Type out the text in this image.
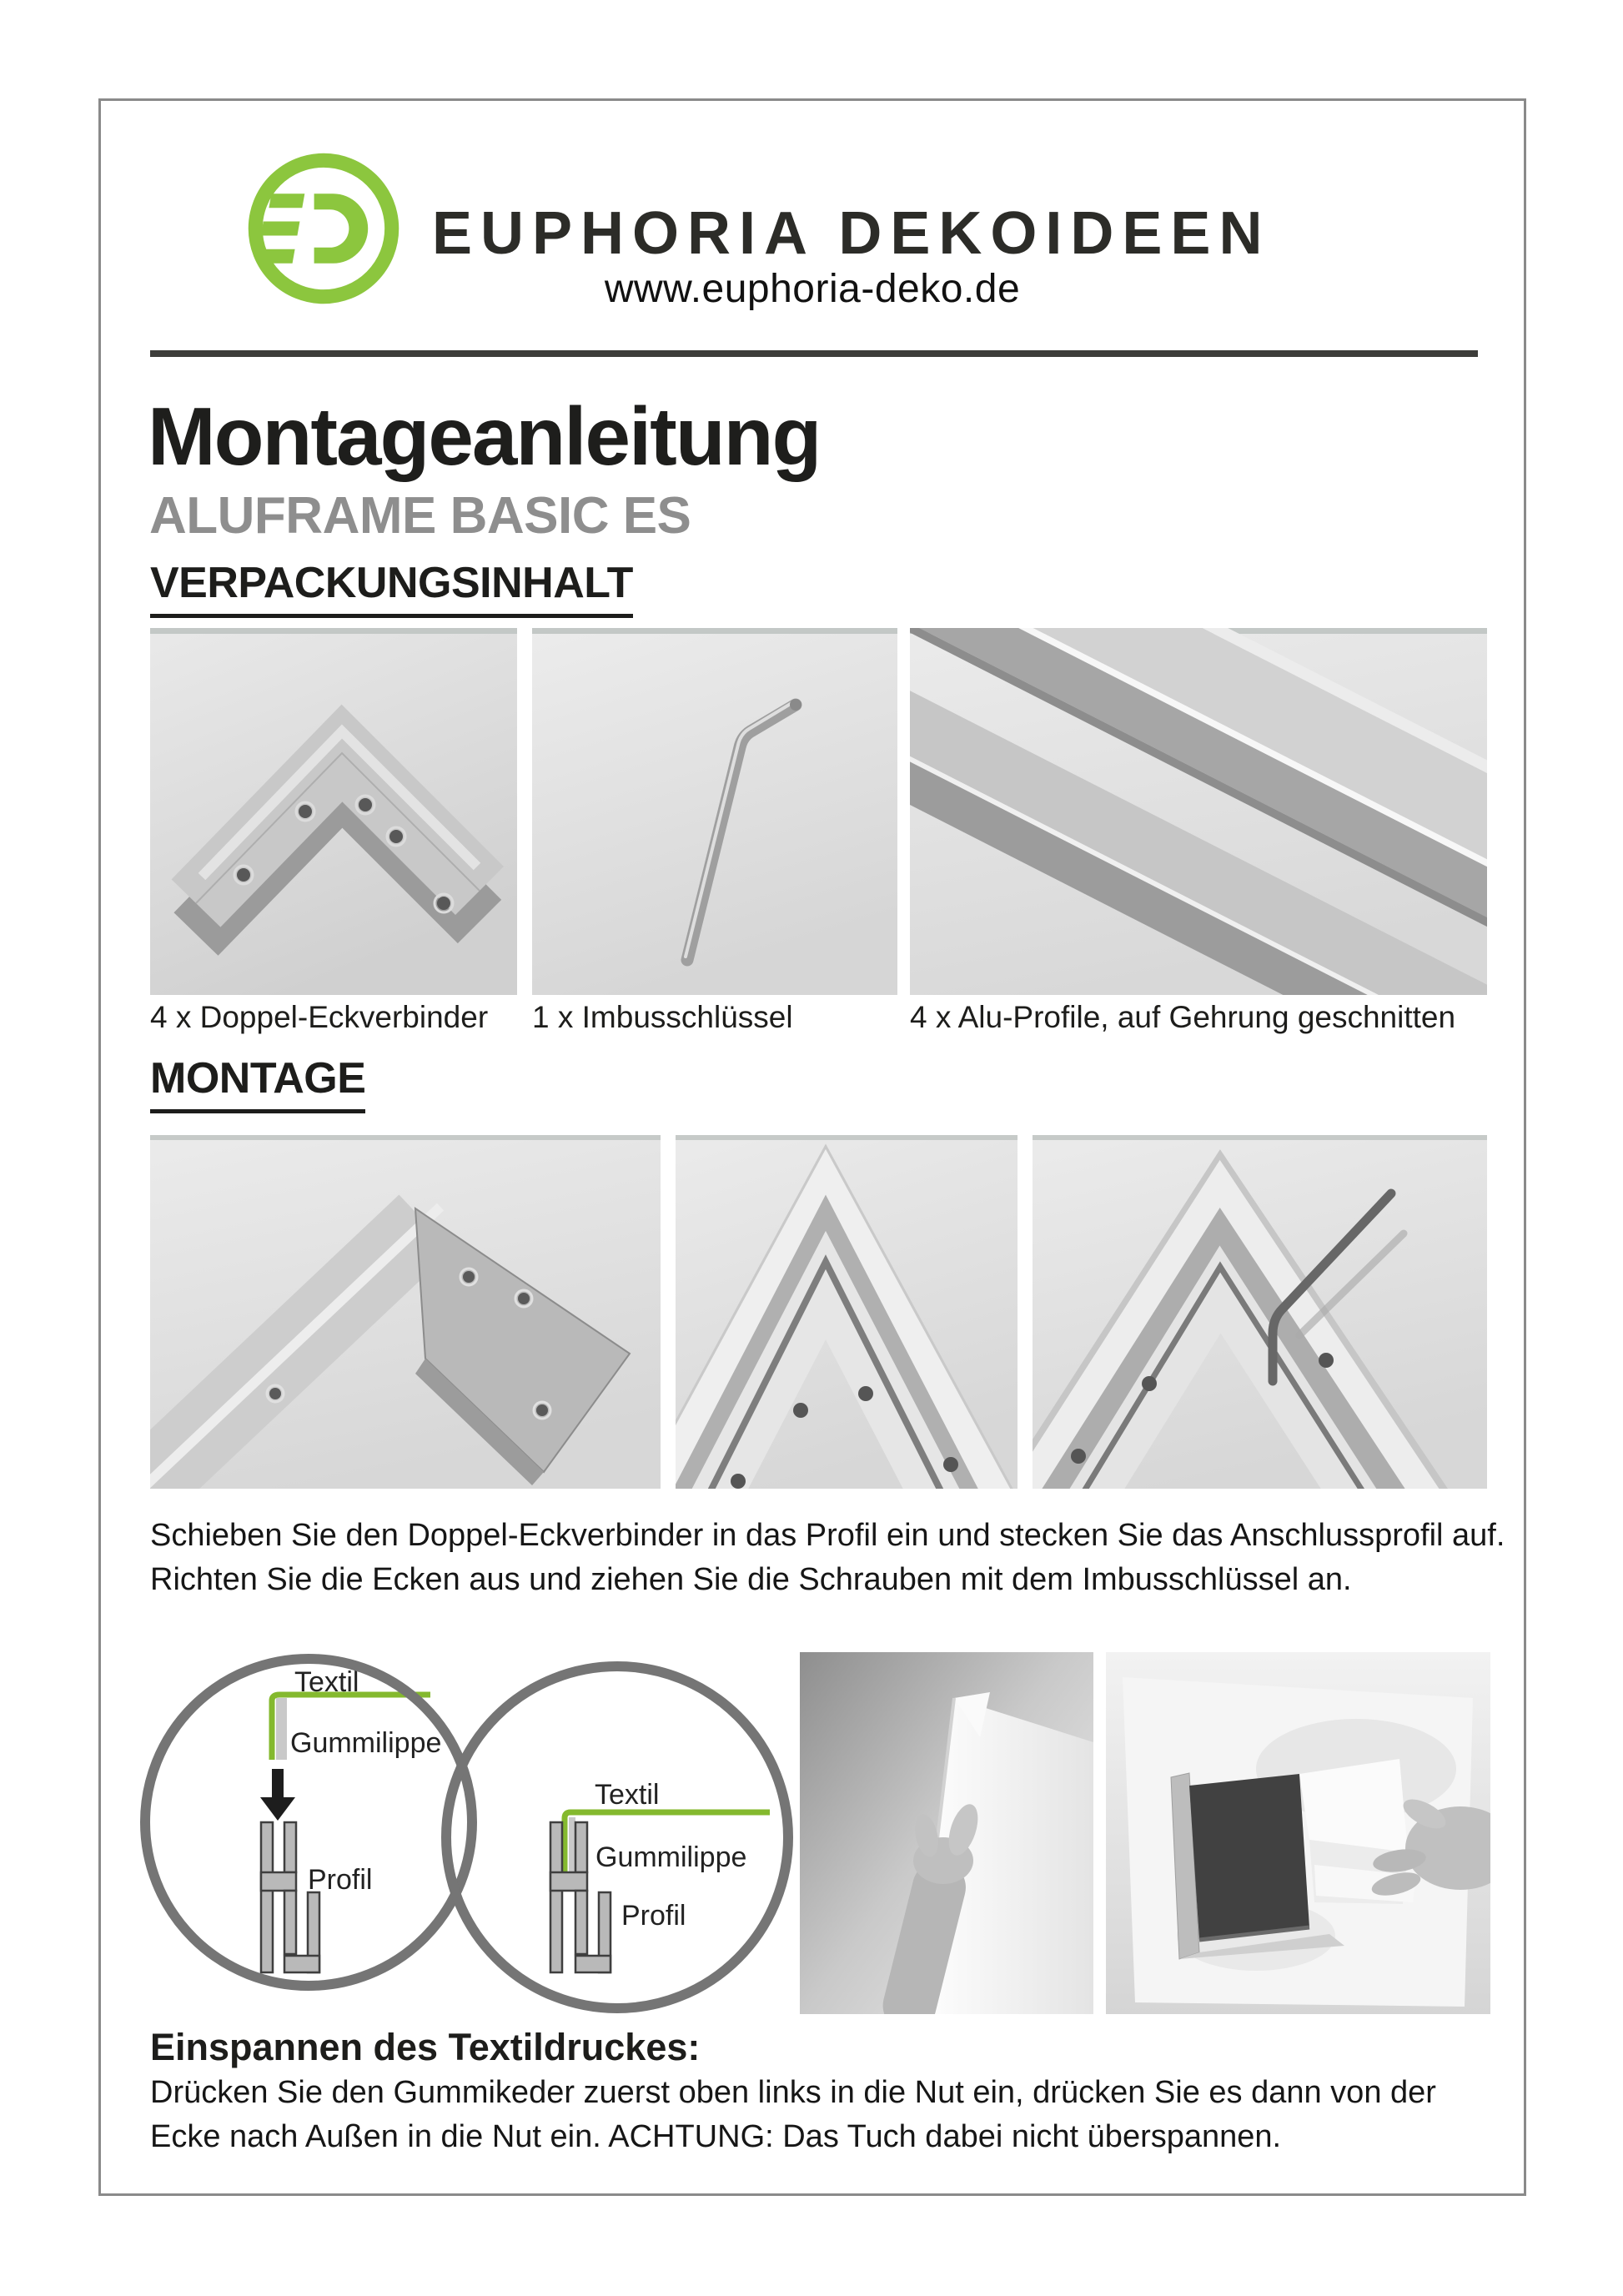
EUPHORIA DEKOIDEEN
www.euphoria-deko.de
Montageanleitung
ALUFRAME BASIC ES
VERPACKUNGSINHALT
4 x Doppel-Eckverbinder 1 x Imbusschlüssel	4 x Alu-Profile, auf Gehrung geschnitten
MONTAGE
Schieben Sie den Doppel-Eckverbinder in das Profil ein und stecken Sie das Anschlussprofil auf. Richten Sie die Ecken aus und ziehen Sie die Schrauben mit dem Imbusschlüssel an.
Textil
Gummilippe
Profil
Textil
Gummilippe
Profil
Einspannen des Textildruckes:
Drücken Sie den Gummikeder zuerst oben links in die Nut ein, drücken Sie es dann von der Ecke nach Außen in die Nut ein. ACHTUNG: Das Tuch dabei nicht überspannen.
